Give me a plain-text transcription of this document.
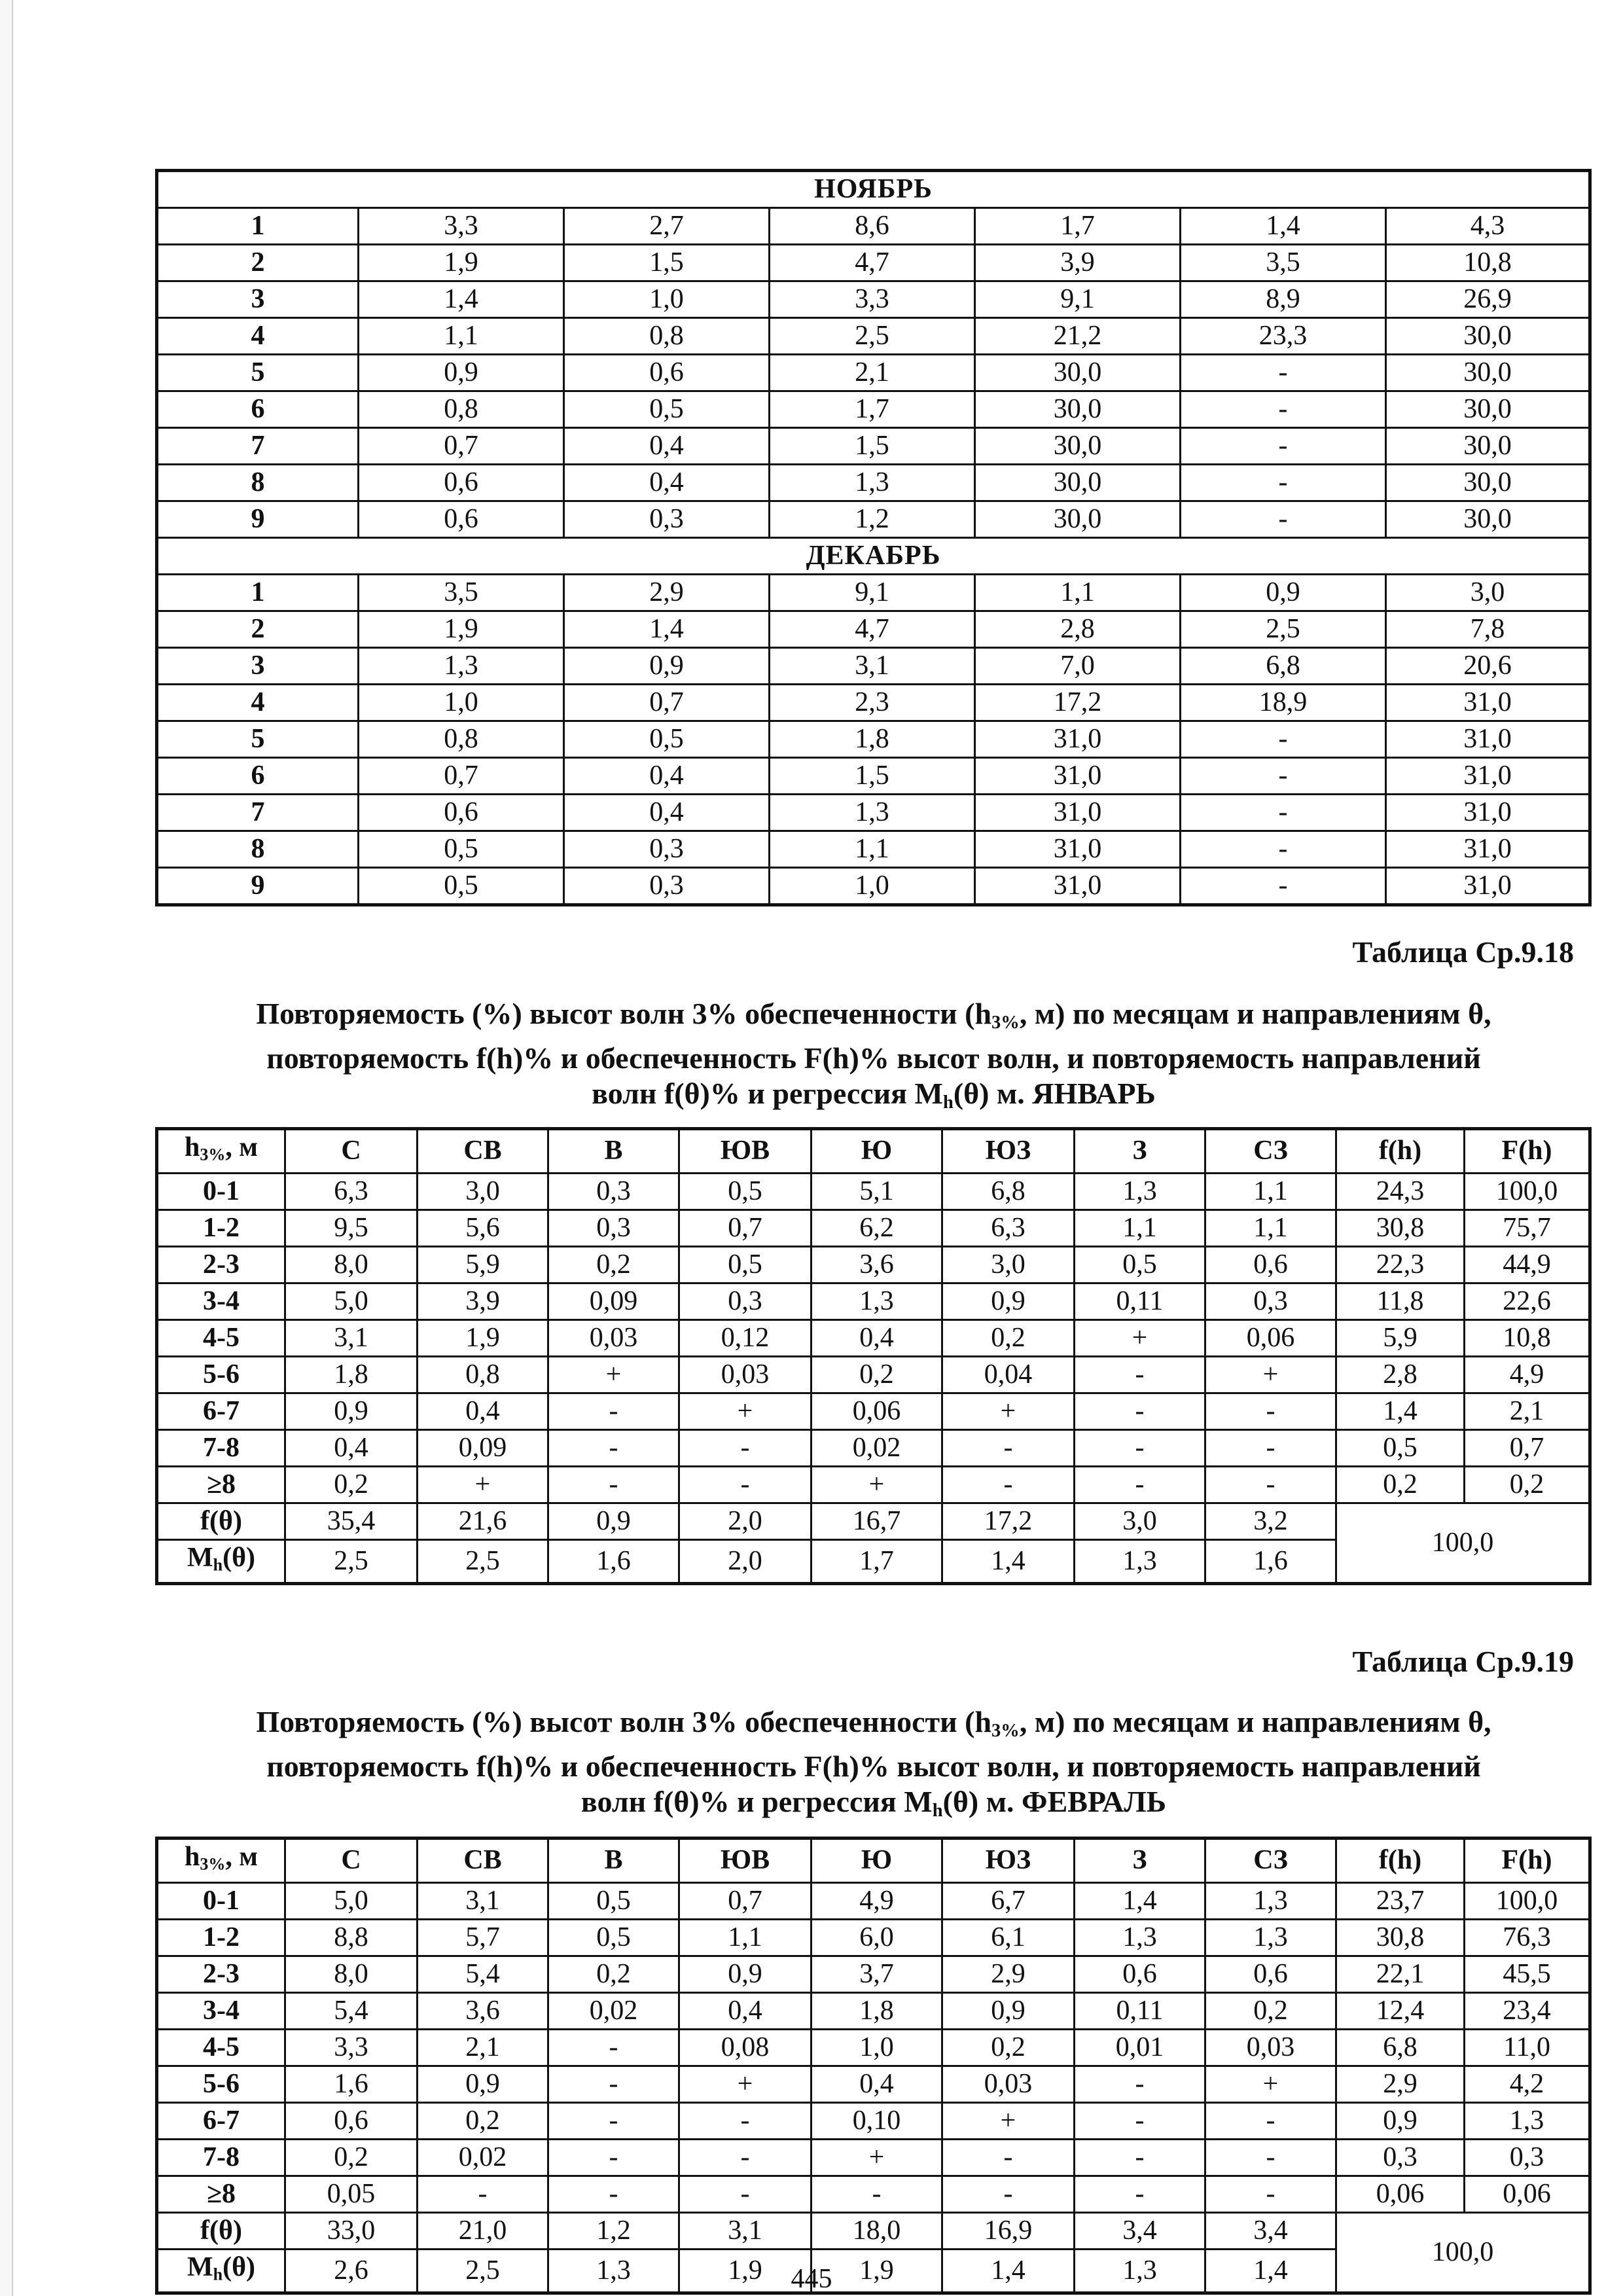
НОЯБРЬ						
1	3,3	2,7	8,6	1,7	1,4	4,3
2	1,9	1,5	4,7	3,9	3,5	10,8
3	1,4	1,0	3,3	9,1	8,9	26,9
4	1,1	0,8	2,5	21,2	23,3	30,0
5	0,9	0,6	2,1	30,0	-	30,0
6	0,8	0,5	1,7	30,0	-	30,0
7	0,7	0,4	1,5	30,0	-	30,0
8	0,6	0,4	1,3	30,0	-	30,0
9	0,6	0,3	1,2	30,0	-	30,0
ДЕКАБРЬ						
1	3,5	2,9	9,1	1,1	0,9	3,0
2	1,9	1,4	4,7	2,8	2,5	7,8
3	1,3	0,9	3,1	7,0	6,8	20,6
4	1,0	0,7	2,3	17,2	18,9	31,0
5	0,8	0,5	1,8	31,0	-	31,0
6	0,7	0,4	1,5	31,0	-	31,0
7	0,6	0,4	1,3	31,0	-	31,0
8	0,5	0,3	1,1	31,0	-	31,0
9	0,5	0,3	1,0	31,0	-	31,0
Таблица Ср.9.18
Повторяемость (%) высот волн 3% обеспеченности ($h_{3\%}$, м) по месяцам и направлениям θ,
повторяемость f(h)% и обеспеченность F(h)% высот волн, и повторяемость направлений
волн f(θ)% и регрессия $M_h(\theta)$ м. ЯНВАРЬ
$h_{3\%}$, м	С	СВ	В	ЮВ	Ю	ЮЗ	З	СЗ	f(h)	F(h)
0-1	6,3	3,0	0,3	0,5	5,1	6,8	1,3	1,1	24,3	100,0
1-2	9,5	5,6	0,3	0,7	6,2	6,3	1,1	1,1	30,8	75,7
2-3	8,0	5,9	0,2	0,5	3,6	3,0	0,5	0,6	22,3	44,9
3-4	5,0	3,9	0,09	0,3	1,3	0,9	0,11	0,3	11,8	22,6
4-5	3,1	1,9	0,03	0,12	0,4	0,2	+	0,06	5,9	10,8
5-6	1,8	0,8	+	0,03	0,2	0,04	-	+	2,8	4,9
6-7	0,9	0,4	-	+	0,06	+	-	-	1,4	2,1
7-8	0,4	0,09	-	-	0,02	-	-	-	0,5	0,7
≥8	0,2	+	-	-	+	-	-	-	0,2	0,2
f(θ)	35,4	21,6	0,9	2,0	16,7	17,2	3,0	3,2	100,0	
$M_h(\theta)$	2,5	2,5	1,6	2,0	1,7	1,4	1,3	1,6		
Таблица Ср.9.19
Повторяемость (%) высот волн 3% обеспеченности ($h_{3\%}$, м) по месяцам и направлениям θ,
повторяемость f(h)% и обеспеченность F(h)% высот волн, и повторяемость направлений
волн f(θ)% и регрессия $M_h(\theta)$ м. ФЕВРАЛЬ
$h_{3\%}$, м	С	СВ	В	ЮВ	Ю	ЮЗ	З	СЗ	f(h)	F(h)
0-1	5,0	3,1	0,5	0,7	4,9	6,7	1,4	1,3	23,7	100,0
1-2	8,8	5,7	0,5	1,1	6,0	6,1	1,3	1,3	30,8	76,3
2-3	8,0	5,4	0,2	0,9	3,7	2,9	0,6	0,6	22,1	45,5
3-4	5,4	3,6	0,02	0,4	1,8	0,9	0,11	0,2	12,4	23,4
4-5	3,3	2,1	-	0,08	1,0	0,2	0,01	0,03	6,8	11,0
5-6	1,6	0,9	-	+	0,4	0,03	-	+	2,9	4,2
6-7	0,6	0,2	-	-	0,10	+	-	-	0,9	1,3
7-8	0,2	0,02	-	-	+	-	-	-	0,3	0,3
≥8	0,05	-	-	-	-	-	-	-	0,06	0,06
f(θ)	33,0	21,0	1,2	3,1	18,0	16,9	3,4	3,4	100,0	
$M_h(\theta)$	2,6	2,5	1,3	1,9	1,9	1,4	1,3	1,4		
445
